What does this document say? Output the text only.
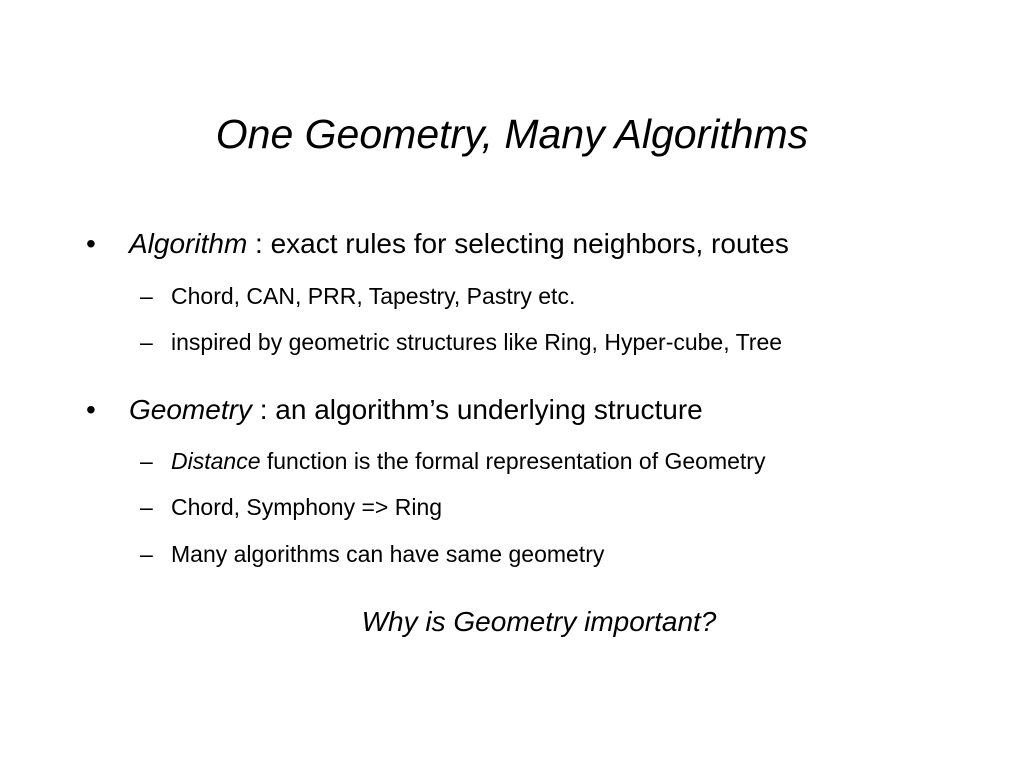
One Geometry, Many Algorithms
• Algorithm : exact rules for selecting neighbors, routes
– Chord, CAN, PRR, Tapestry, Pastry etc.
– inspired by geometric structures like Ring, Hyper-cube, Tree
• Geometry : an algorithm’s underlying structure
– Distance function is the formal representation of Geometry
– Chord, Symphony => Ring
– Many algorithms can have same geometry
Why is Geometry important?
